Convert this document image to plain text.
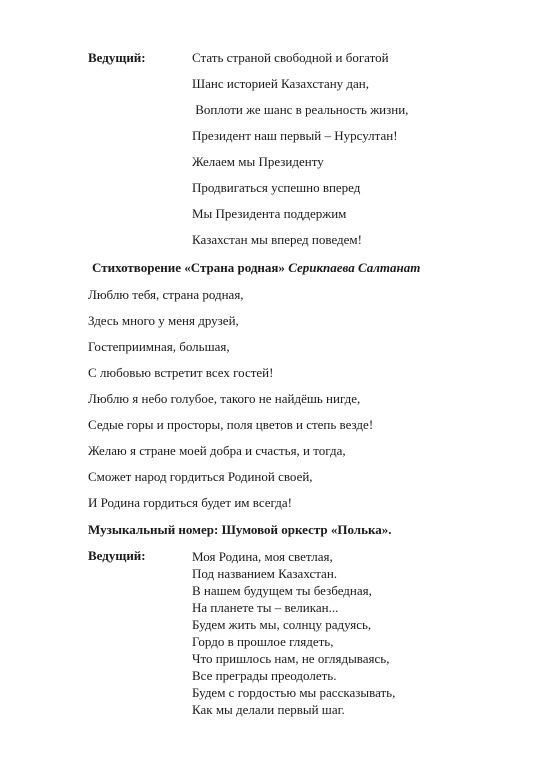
Ведущий:	Стать страной свободной и богатой
Шанс историей Казахстану дан,
Воплоти же шанс в реальность жизни,
Президент наш первый – Нурсултан!
Желаем мы Президенту
Продвигаться успешно вперед
Мы Президента поддержим
Казахстан мы вперед поведем!
Стихотворение «Страна родная» Серикпаева Салтанат
Люблю тебя, страна родная,
Здесь много у меня друзей,
Гостеприимная, большая,
С любовью встретит всех гостей!
Люблю я небо голубое, такого не найдёшь нигде,
Седые горы и просторы, поля цветов и степь везде!
Желаю я стране моей добра и счастья, и тогда,
Сможет народ гордиться Родиной своей,
И Родина гордиться будет им всегда!
Музыкальный номер: Шумовой оркестр «Полька».
Ведущий:	Моя Родина, моя светлая,
Под названием Казахстан.
В нашем будущем ты безбедная,
На планете ты – великан...
Будем жить мы, солнцу радуясь,
Гордо в прошлое глядеть,
Что пришлось нам, не оглядываясь,
Все преграды преодолеть.
Будем с гордостью мы рассказывать,
Как мы делали первый шаг.
